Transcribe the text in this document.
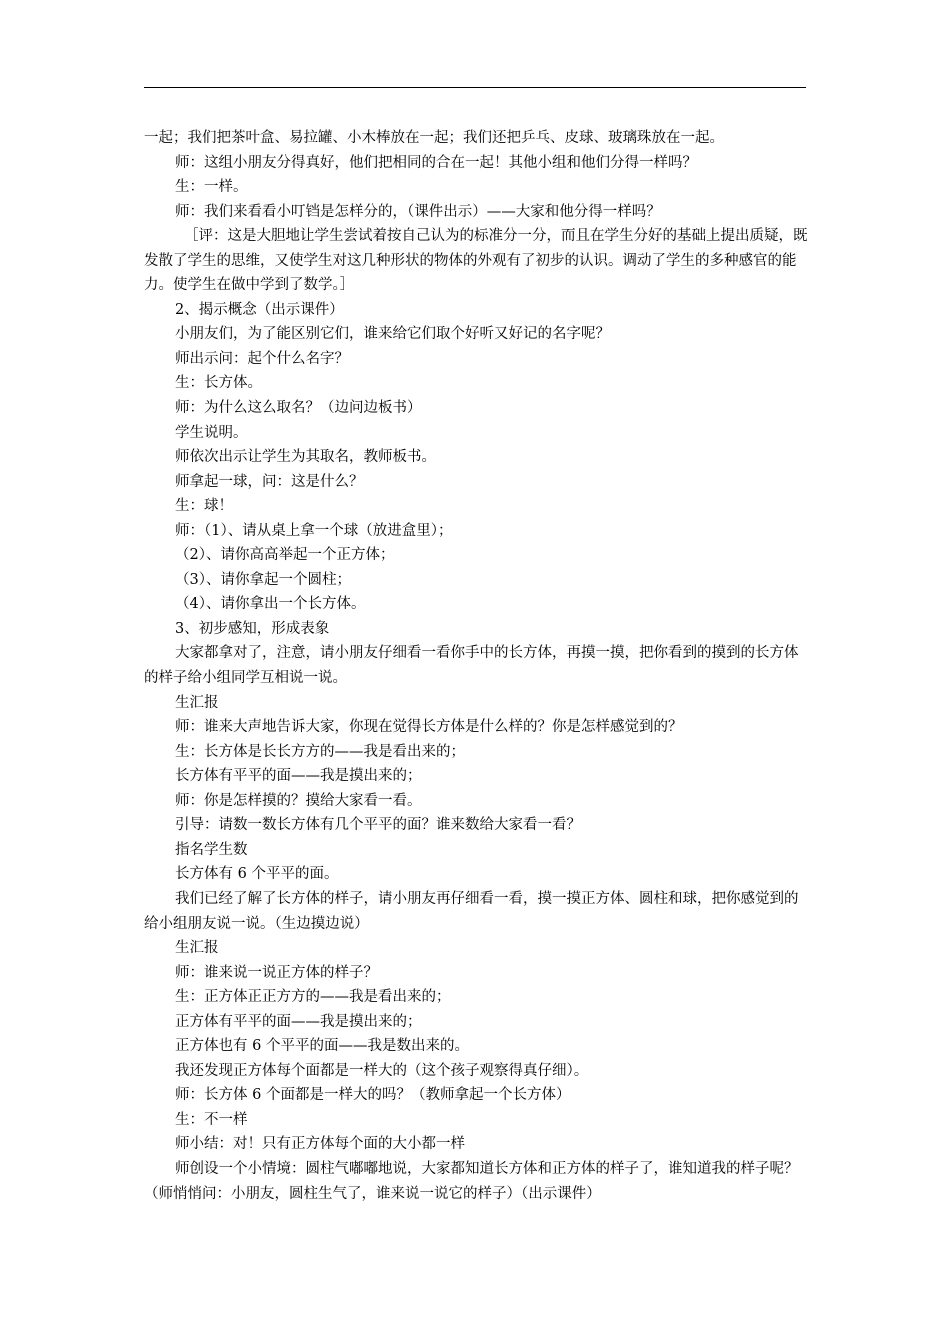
一起；我们把茶叶盒、易拉罐、小木棒放在一起；我们还把乒乓、皮球、玻璃珠放在一起。

师：这组小朋友分得真好，他们把相同的合在一起！其他小组和他们分得一样吗？

生：一样。

师：我们来看看小叮铛是怎样分的，（课件出示）——大家和他分得一样吗？

［评：这是大胆地让学生尝试着按自己认为的标准分一分，而且在学生分好的基础上提出质疑，既发散了学生的思维，又使学生对这几种形状的物体的外观有了初步的认识。调动了学生的多种感官的能力。使学生在做中学到了数学。］

2、揭示概念（出示课件）

小朋友们，为了能区别它们，谁来给它们取个好听又好记的名字呢？

师出示问：起个什么名字？

生：长方体。

师：为什么这么取名？（边问边板书）

学生说明。

师依次出示让学生为其取名，教师板书。

师拿起一球，问：这是什么？

生：球！

师：（1）、请从桌上拿一个球（放进盒里）；

（2）、请你高高举起一个正方体；

（3）、请你拿起一个圆柱；

（4）、请你拿出一个长方体。

3、初步感知，形成表象

大家都拿对了，注意，请小朋友仔细看一看你手中的长方体，再摸一摸，把你看到的摸到的长方体的样子给小组同学互相说一说。

生汇报

师：谁来大声地告诉大家，你现在觉得长方体是什么样的？你是怎样感觉到的？

生：长方体是长长方方的——我是看出来的；

长方体有平平的面——我是摸出来的；

师：你是怎样摸的？摸给大家看一看。

引导：请数一数长方体有几个平平的面？谁来数给大家看一看？

指名学生数

长方体有 6 个平平的面。

我们已经了解了长方体的样子，请小朋友再仔细看一看，摸一摸正方体、圆柱和球，把你感觉到的给小组朋友说一说。（生边摸边说）

生汇报

师：谁来说一说正方体的样子？

生：正方体正正方方的——我是看出来的；

正方体有平平的面——我是摸出来的；

正方体也有 6 个平平的面——我是数出来的。

我还发现正方体每个面都是一样大的（这个孩子观察得真仔细）。

师：长方体 6 个面都是一样大的吗？（教师拿起一个长方体）

生：不一样

师小结：对！只有正方体每个面的大小都一样

师创设一个小情境：圆柱气嘟嘟地说，大家都知道长方体和正方体的样子了，谁知道我的样子呢？（师悄悄问：小朋友，圆柱生气了，谁来说一说它的样子）（出示课件）
